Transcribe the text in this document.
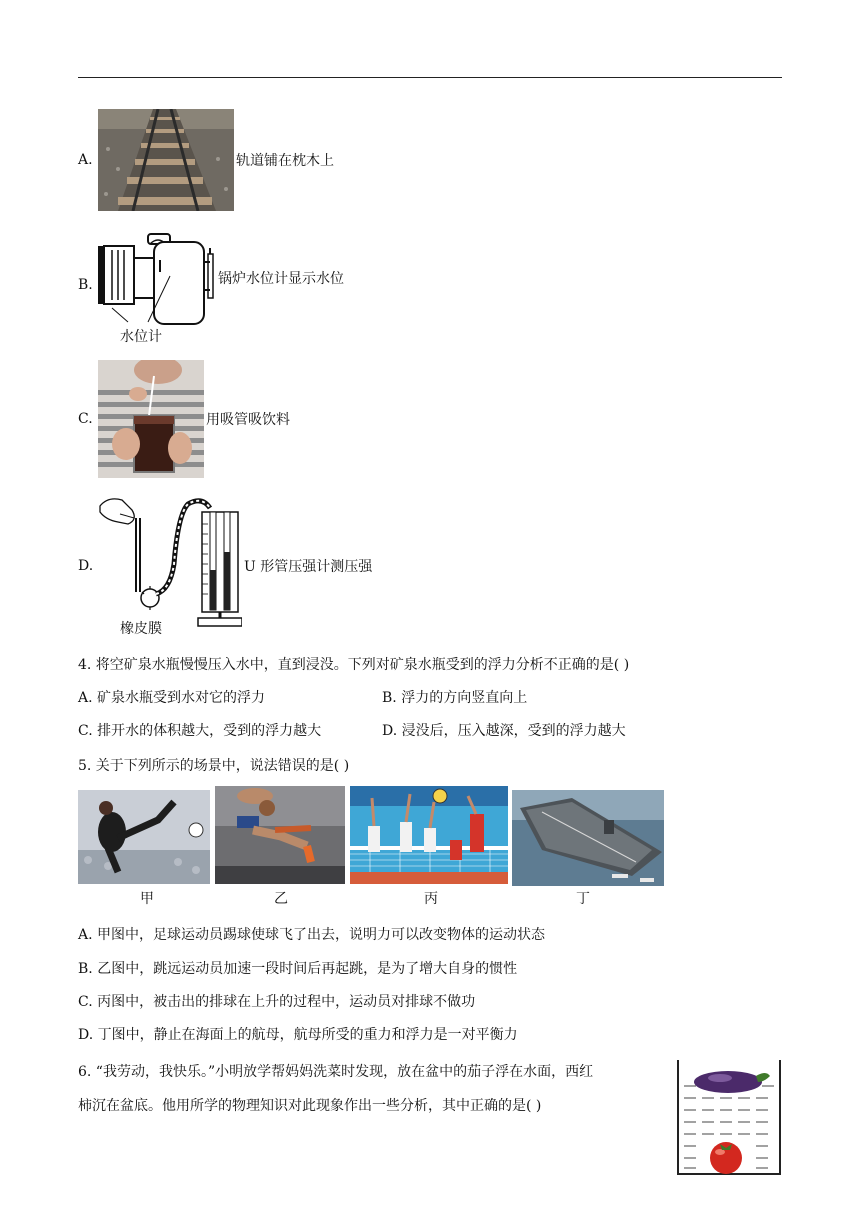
A.	轨道铺在枕木上
B.
水位计
锅炉水位计显示水位
C.	用吸管吸饮料
D.
橡皮膜
U 形管压强计测压强
4. 将空矿泉水瓶慢慢压入水中，直到浸没。下列对矿泉水瓶受到的浮力分析不正确的是( )
A. 矿泉水瓶受到水对它的浮力	B. 浮力的方向竖直向上
C. 排开水的体积越大，受到的浮力越大	D. 浸没后，压入越深，受到的浮力越大
5. 关于下列所示的场景中，说法错误的是( )
甲	乙	丙	丁
A. 甲图中，足球运动员踢球使球飞了出去，说明力可以改变物体的运动状态
B. 乙图中，跳远运动员加速一段时间后再起跳，是为了增大自身的惯性
C. 丙图中，被击出的排球在上升的过程中，运动员对排球不做功
D. 丁图中，静止在海面上的航母，航母所受的重力和浮力是一对平衡力
6. “我劳动，我快乐。”小明放学帮妈妈洗菜时发现，放在盆中的茄子浮在水面，西红
柿沉在盆底。他用所学的物理知识对此现象作出一些分析，其中正确的是( )
